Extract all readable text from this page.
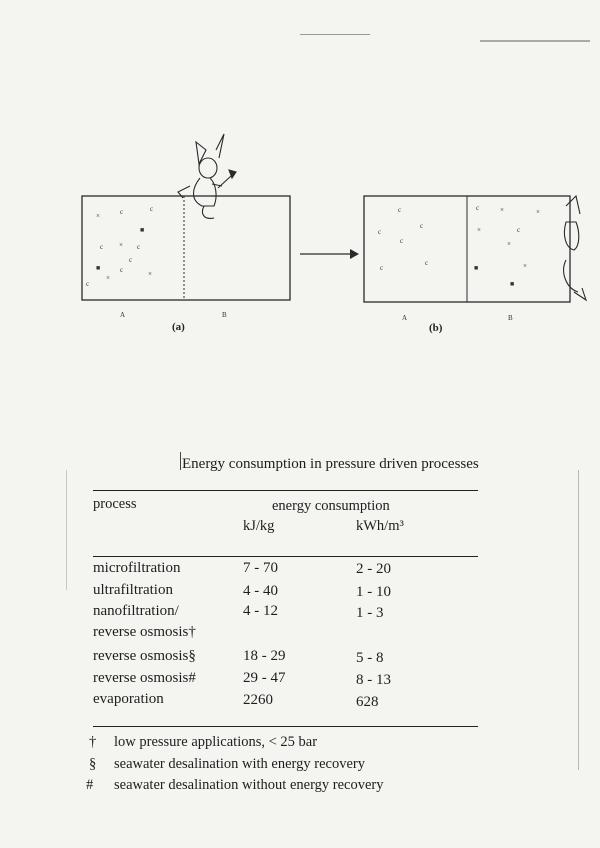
×	c	c
■
c × c
■	c	×
×
c
c
c
c
c
c
c
c
c	×	×
×	c
×
■	×
■
A	B	A	B
(a)	(b)
Energy consumption in pressure driven processes
process	energy consumption
kJ/kg	kWh/m³
microfiltration	7 - 70	2 - 20
ultrafiltration	4 - 40	1 - 10
nanofiltration/	4 - 12	1 - 3
reverse osmosis†
reverse osmosis§	18 - 29	5 - 8
reverse osmosis#	29 - 47	8 - 13
evaporation	2260	628
† low pressure applications, < 25 bar
§ seawater desalination with energy recovery
# seawater desalination without energy recovery
